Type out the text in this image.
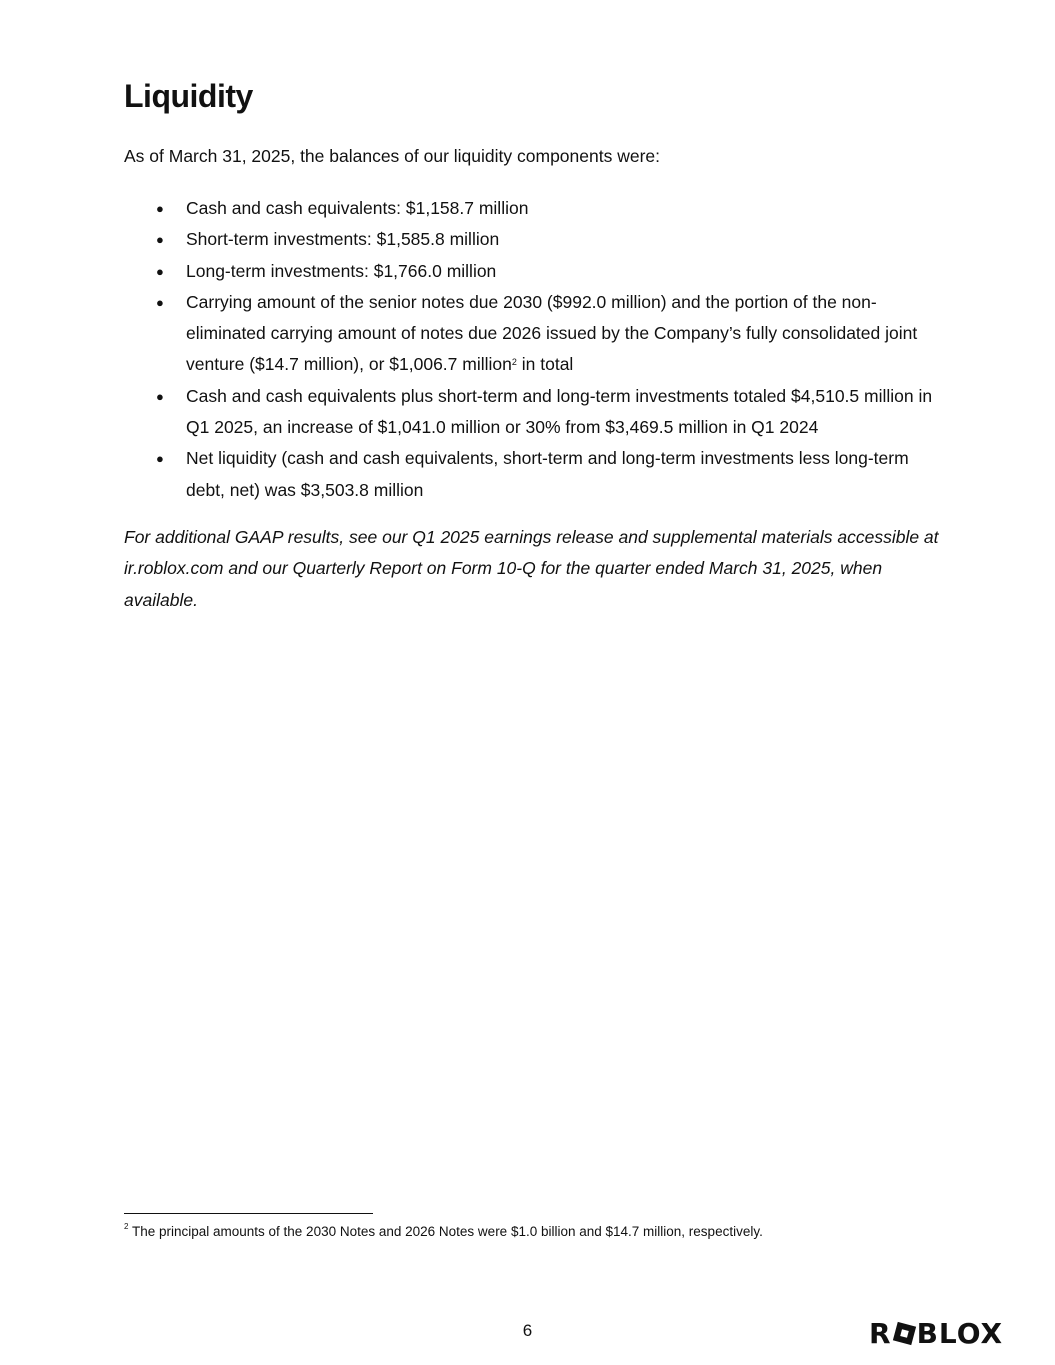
Liquidity

As of March 31, 2025, the balances of our liquidity components were:

● Cash and cash equivalents: $1,158.7 million
● Short-term investments: $1,585.8 million
● Long-term investments: $1,766.0 million
● Carrying amount of the senior notes due 2030 ($992.0 million) and the portion of the non-eliminated carrying amount of notes due 2026 issued by the Company’s fully consolidated joint venture ($14.7 million), or $1,006.7 million$^2$ in total
● Cash and cash equivalents plus short-term and long-term investments totaled $4,510.5 million in Q1 2025, an increase of $1,041.0 million or 30% from $3,469.5 million in Q1 2024
● Net liquidity (cash and cash equivalents, short-term and long-term investments less long-term debt, net) was $3,503.8 million

For additional GAAP results, see our Q1 2025 earnings release and supplemental materials accessible at ir.roblox.com and our Quarterly Report on Form 10-Q for the quarter ended March 31, 2025, when available.

$^2$ The principal amounts of the 2030 Notes and 2026 Notes were $1.0 billion and $14.7 million, respectively.

6	R BLOX
